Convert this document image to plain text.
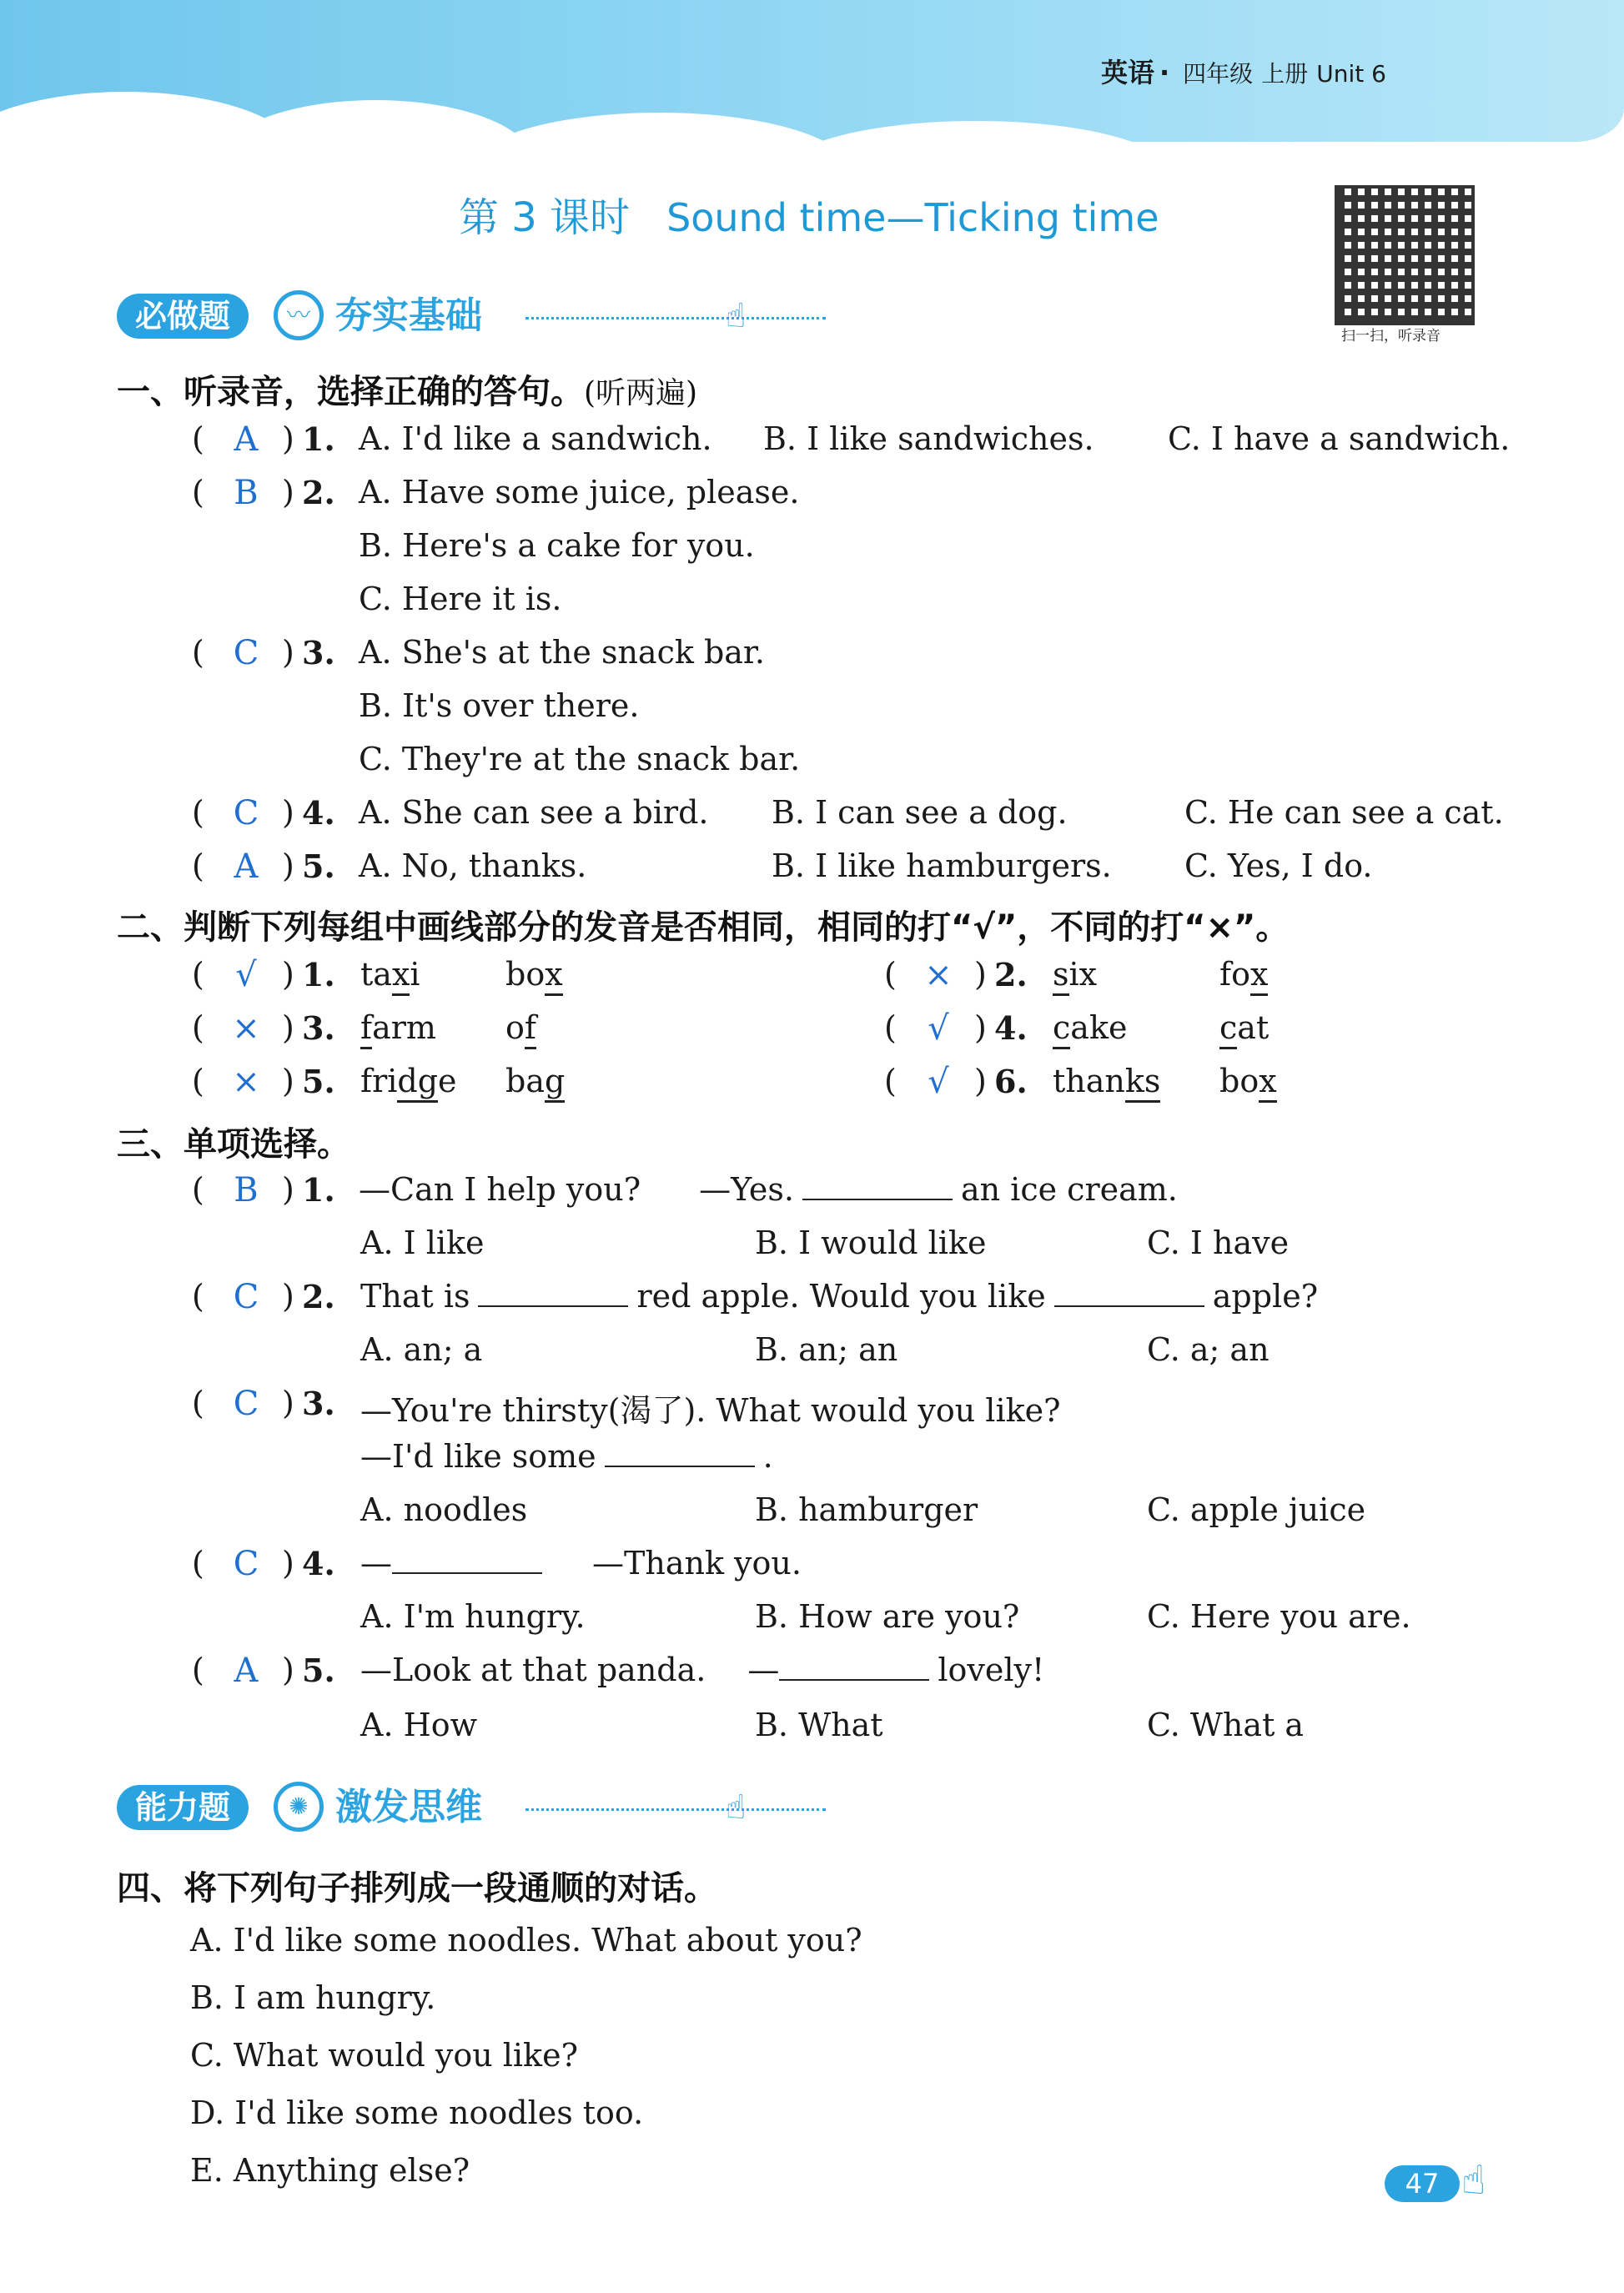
英语 · 四年级 上册 Unit 6
第 3 课时 Sound time—Ticking time
扫一扫，听录音
必做题	〰 夯实基础	☝
一、听录音，选择正确的答句。(听两遍)
( A ) 1. A. I'd like a sandwich. B. I like sandwiches. C. I have a sandwich.
( B ) 2. A. Have some juice, please.
B. Here's a cake for you.
C. Here it is.
( C ) 3. A. She's at the snack bar.
B. It's over there.
C. They're at the snack bar.
( C ) 4. A. She can see a bird. B. I can see a dog.	C. He can see a cat.
( A ) 5. A. No, thanks.	B. I like hamburgers. C. Yes, I do.
二、判断下列每组中画线部分的发音是否相同，相同的打“√”，不同的打“×”。
( √ ) 1. taxi	box	( × ) 2. six	fox
( × ) 3. farm of	( √ ) 4. cake	cat
( × ) 5. fridge bag	( √ ) 6. thanks box
三、单项选择。
( B ) 1. —Can I help you? —Yes.	an ice cream.
A. I like	B. I would like	C. I have
( C ) 2. That is	red apple. Would you like	apple?
A. an; a	B. an; an	C. a; an
( C ) 3. —You're thirsty(渴了). What would you like?
—I'd like some	.
A. noodles	B. hamburger	C. apple juice
( C ) 4. —	—Thank you.
A. I'm hungry.	B. How are you?	C. Here you are.
( A ) 5. —Look at that panda. —	lovely!
A. How	B. What	C. What a
能力题	✺ 激发思维	☝
四、将下列句子排列成一段通顺的对话。
A. I'd like some noodles. What about you?
B. I am hungry.
C. What would you like?
D. I'd like some noodles too.
E. Anything else?	47 ☝
